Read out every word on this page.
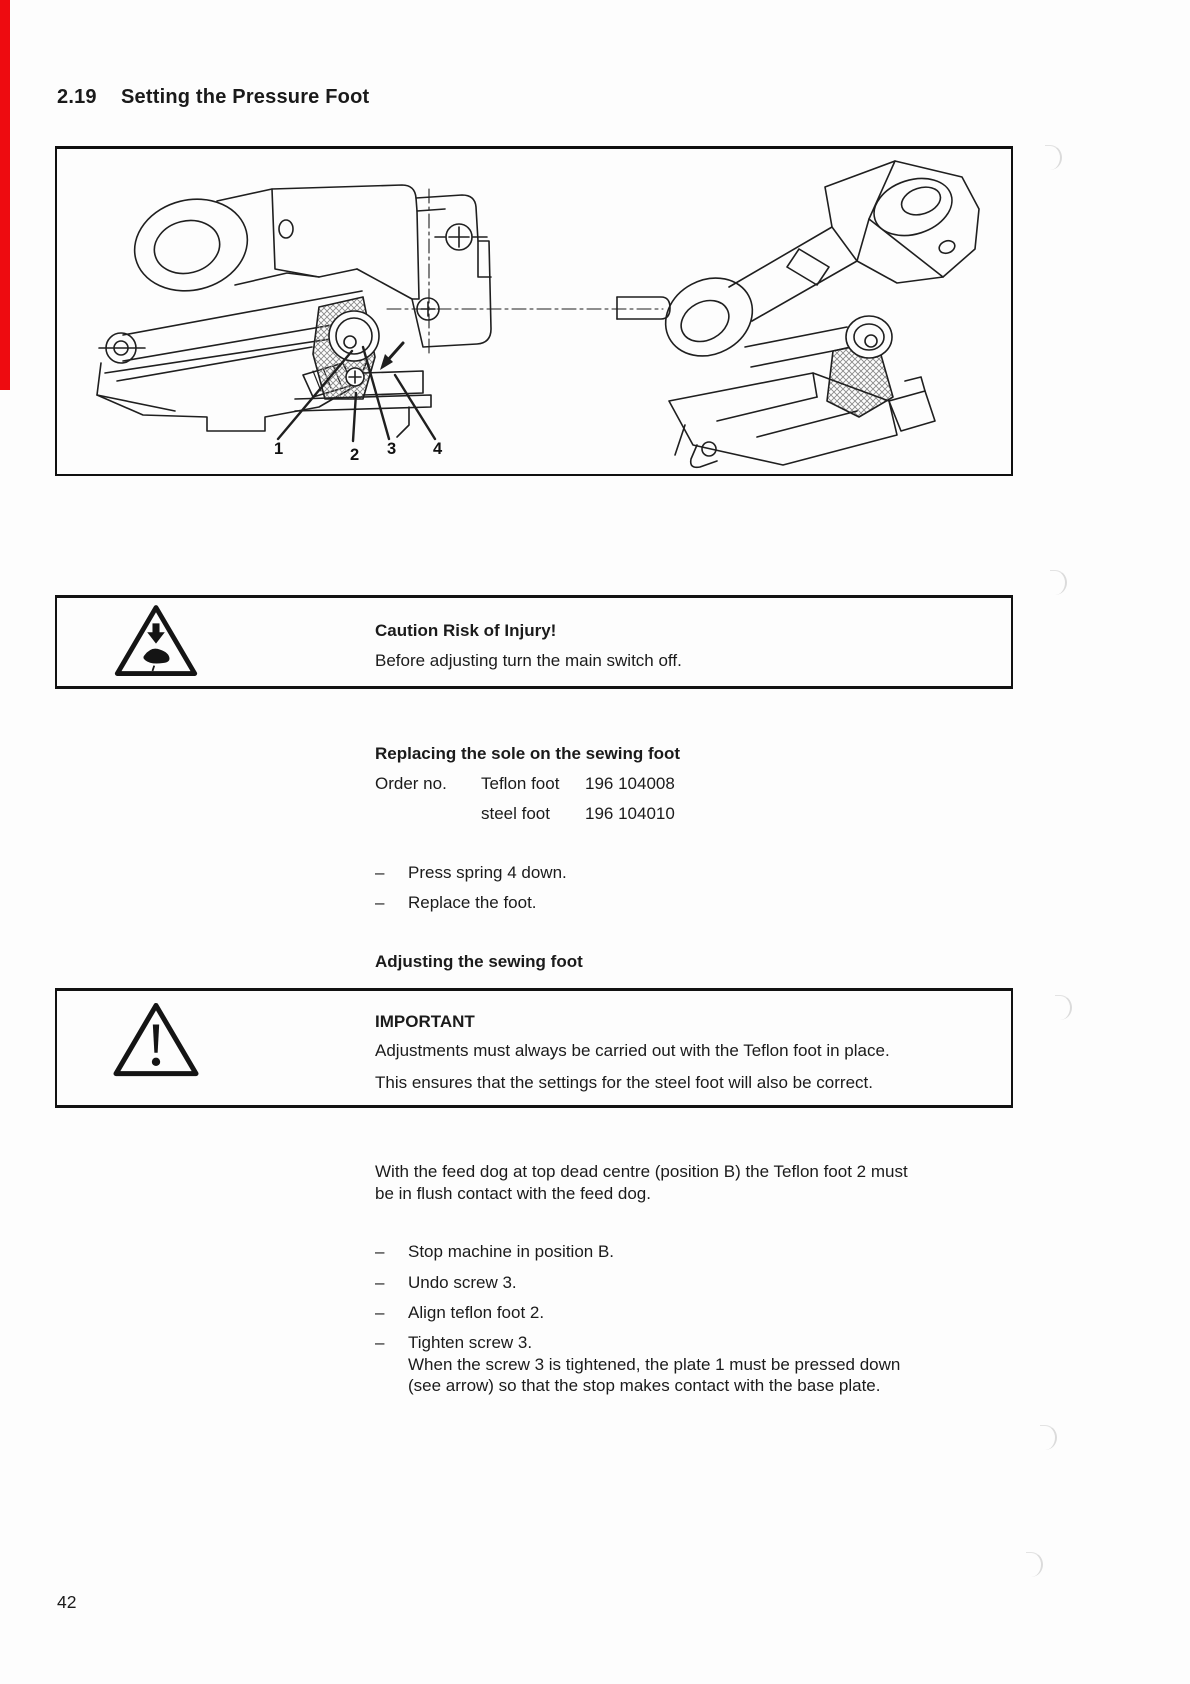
2.19 Setting the Pressure Foot
1	2 3 4
Caution Risk of Injury!
Before adjusting turn the main switch off.
Replacing the sole on the sewing foot
Order no. Teflon foot 196 104008
steel foot 196 104010
– Press spring 4 down.
– Replace the foot.
Adjusting the sewing foot
IMPORTANT
Adjustments must always be carried out with the Teflon foot in place.
This ensures that the settings for the steel foot will also be correct.
With the feed dog at top dead centre (position B) the Teflon foot 2 must
be in flush contact with the feed dog.
– Stop machine in position B.
– Undo screw 3.
– Align teflon foot 2.
– Tighten screw 3.
When the screw 3 is tightened, the plate 1 must be pressed down
(see arrow) so that the stop makes contact with the base plate.
42
